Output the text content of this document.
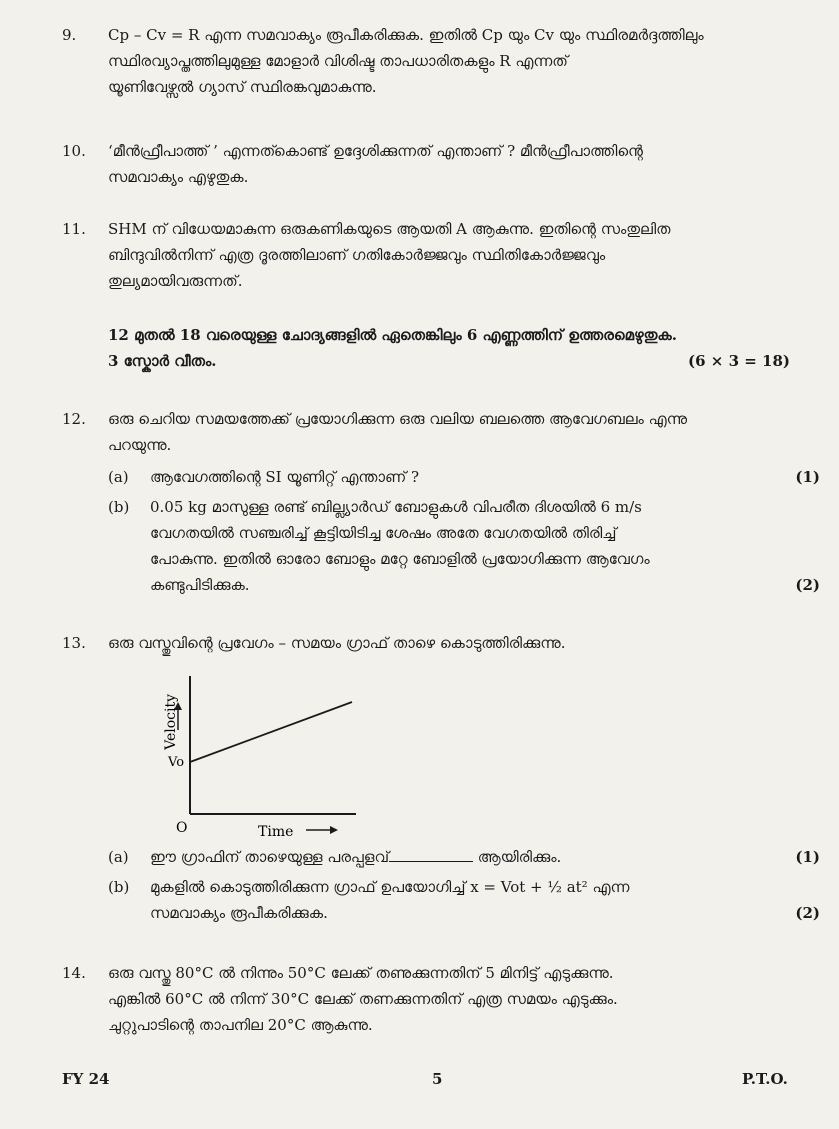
9.	Cp – Cv = R എന്ന സമവാക്യം രൂപീകരിക്കുക. ഇതിൽ Cp യും Cv യും സ്ഥിരമർദ്ദത്തിലും
സ്ഥിരവ്യാപ്തത്തിലുമുള്ള മോളാർ വിശിഷ്ട താപധാരിതകളും R എന്നത്
യൂണിവേഴ്സൽ ഗ്യാസ് സ്ഥിരങ്കവുമാകുന്നു.
10.	‘മീൻഫ്രീപാത്ത് ’ എന്നത്കൊണ്ട് ഉദ്ദേശിക്കുന്നത് എന്താണ് ? മീൻഫ്രീപാത്തിന്റെ
സമവാക്യം എഴുതുക.
11.	SHM ന് വിധേയമാകുന്ന ഒരുകണികയുടെ ആയതി A ആകുന്നു. ഇതിന്റെ സംതുലിത
ബിന്ദുവിൽനിന്ന് എത്ര ദൂരത്തിലാണ് ഗതികോർജ്ജവും സ്ഥിതികോർജ്ജവും
തുല്യമായിവരുന്നത്.
12 മുതൽ 18 വരെയുള്ള ചോദ്യങ്ങളിൽ ഏതെങ്കിലും 6 എണ്ണത്തിന് ഉത്തരമെഴുതുക.
3 സ്കോർ വീതം.	(6 × 3 = 18)
12.	ഒരു ചെറിയ സമയത്തേക്ക് പ്രയോഗിക്കുന്ന ഒരു വലിയ ബലത്തെ ആവേഗബലം എന്നു
പറയുന്നു.
(a) ആവേഗത്തിന്റെ SI യൂണിറ്റ് എന്താണ് ?	(1)
(b) 0.05 kg മാസുള്ള രണ്ട് ബില്ല്യാർഡ് ബോളുകൾ വിപരീത ദിശയിൽ 6 m/s
വേഗതയിൽ സഞ്ചരിച്ച് കൂട്ടിയിടിച്ച ശേഷം അതേ വേഗതയിൽ തിരിച്ച്
പോകുന്നു. ഇതിൽ ഓരോ ബോളും മറ്റേ ബോളിൽ പ്രയോഗിക്കുന്ന ആവേഗം
കണ്ടുപിടിക്കുക.	(2)
13.	ഒരു വസ്തുവിന്റെ പ്രവേഗം – സമയം ഗ്രാഫ് താഴെ കൊടുത്തിരിക്കുന്നു.
Velocity
Time
O
Vo
(a) ഈ ഗ്രാഫിന് താഴെയുള്ള പരപ്പളവ്	ആയിരിക്കും.	(1)
(b) മുകളിൽ കൊടുത്തിരിക്കുന്ന ഗ്രാഫ് ഉപയോഗിച്ച് x = Vot + ½ at² എന്ന
സമവാക്യം രൂപീകരിക്കുക.	(2)
14.	ഒരു വസ്തു 80°C ൽ നിന്നും 50°C ലേക്ക് തണുക്കുന്നതിന് 5 മിനിട്ട് എടുക്കുന്നു.
എങ്കിൽ 60°C ൽ നിന്ന് 30°C ലേക്ക് തണക്കുന്നതിന് എത്ര സമയം എടുക്കും.
ചുറ്റുപാടിന്റെ താപനില 20°C ആകുന്നു.
FY 24	5	P.T.O.
